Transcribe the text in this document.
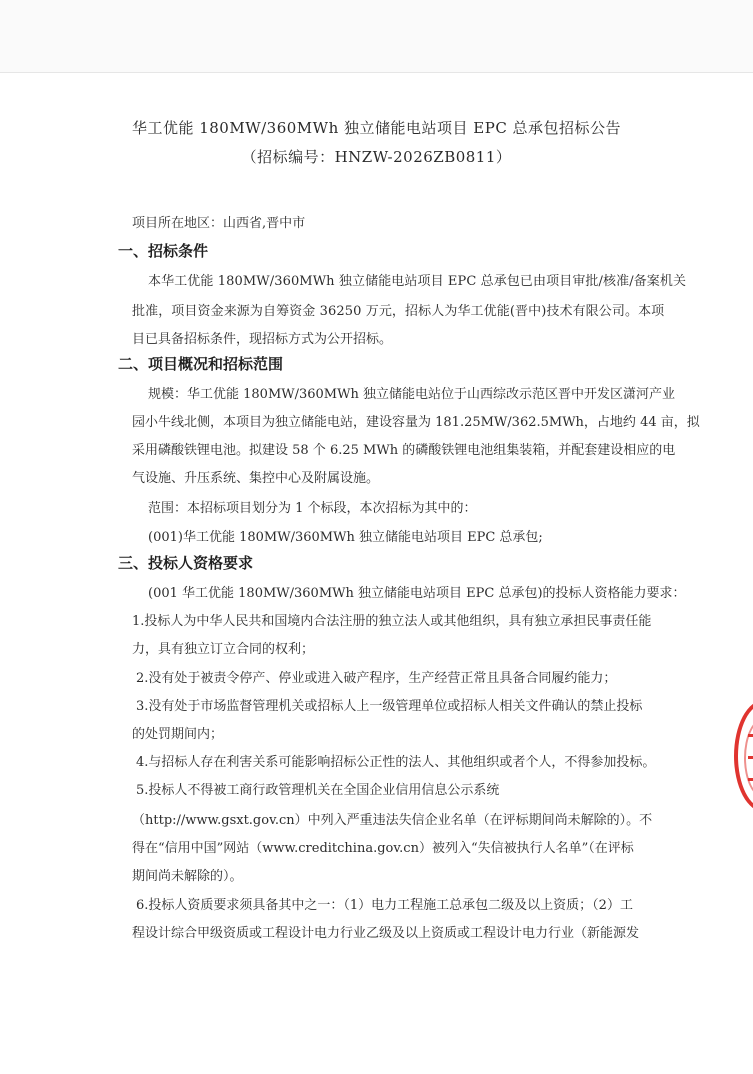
华工优能 180MW/360MWh 独立储能电站项目 EPC 总承包招标公告
（招标编号：HNZW-2026ZB0811）
项目所在地区：山西省,晋中市
一、招标条件
本华工优能 180MW/360MWh 独立储能电站项目 EPC 总承包已由项目审批/核准/备案机关
批准，项目资金来源为自筹资金 36250 万元，招标人为华工优能(晋中)技术有限公司。本项
目已具备招标条件，现招标方式为公开招标。
二、项目概况和招标范围
规模：华工优能 180MW/360MWh 独立储能电站位于山西综改示范区晋中开发区潇河产业
园小牛线北侧，本项目为独立储能电站，建设容量为 181.25MW/362.5MWh，占地约 44 亩，拟
采用磷酸铁锂电池。拟建设 58 个 6.25 MWh 的磷酸铁锂电池组集装箱，并配套建设相应的电
气设施、升压系统、集控中心及附属设施。
范围：本招标项目划分为 1 个标段，本次招标为其中的：
(001)华工优能 180MW/360MWh 独立储能电站项目 EPC 总承包;
三、投标人资格要求
(001 华工优能 180MW/360MWh 独立储能电站项目 EPC 总承包)的投标人资格能力要求：
1.投标人为中华人民共和国境内合法注册的独立法人或其他组织，具有独立承担民事责任能
力，具有独立订立合同的权利；
2.没有处于被责令停产、停业或进入破产程序，生产经营正常且具备合同履约能力；
3.没有处于市场监督管理机关或招标人上一级管理单位或招标人相关文件确认的禁止投标
的处罚期间内；
4.与招标人存在利害关系可能影响招标公正性的法人、其他组织或者个人，不得参加投标。
5.投标人不得被工商行政管理机关在全国企业信用信息公示系统
（http://www.gsxt.gov.cn）中列入严重违法失信企业名单（在评标期间尚未解除的）。不
得在“信用中国”网站（www.creditchina.gov.cn）被列入“失信被执行人名单”（在评标
期间尚未解除的）。
6.投标人资质要求须具备其中之一：（1）电力工程施工总承包二级及以上资质；（2）工
程设计综合甲级资质或工程设计电力行业乙级及以上资质或工程设计电力行业（新能源发
